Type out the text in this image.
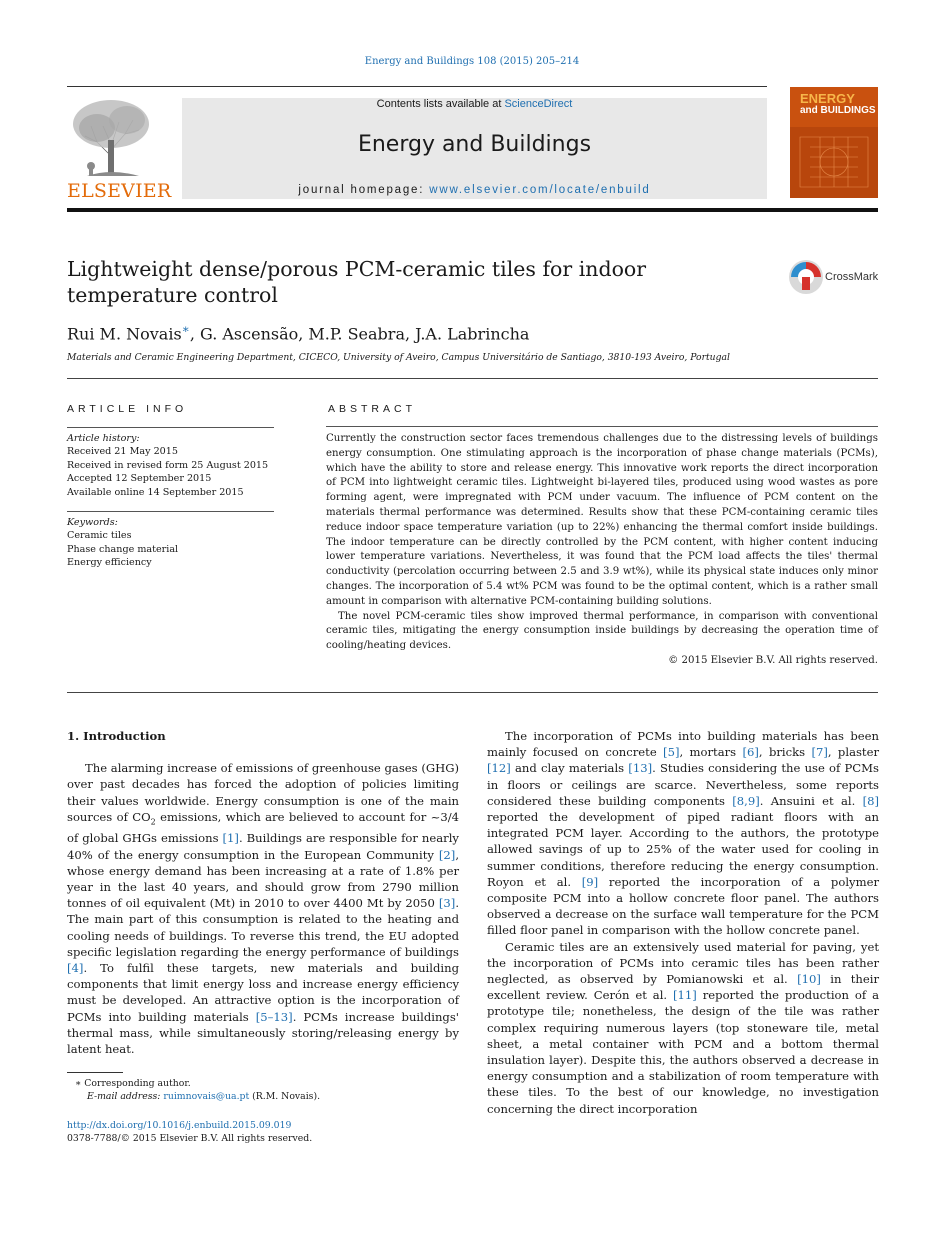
Energy and Buildings 108 (2015) 205–214
ELSEVIER
Contents lists available at ScienceDirect
Energy and Buildings
journal homepage: www.elsevier.com/locate/enbuild
ENERGY
and BUILDINGS
Lightweight dense/porous PCM-ceramic tiles for indoor temperature control
CrossMark
Rui M. Novais∗, G. Ascensão, M.P. Seabra, J.A. Labrincha
Materials and Ceramic Engineering Department, CICECO, University of Aveiro, Campus Universitário de Santiago, 3810-193 Aveiro, Portugal
ARTICLE INFO
Article history:
Received 21 May 2015
Received in revised form 25 August 2015
Accepted 12 September 2015
Available online 14 September 2015
Keywords:
Ceramic tiles
Phase change material
Energy efficiency
ABSTRACT

Currently the construction sector faces tremendous challenges due to the distressing levels of buildings energy consumption. One stimulating approach is the incorporation of phase change materials (PCMs), which have the ability to store and release energy. This innovative work reports the direct incorporation of PCM into lightweight ceramic tiles. Lightweight bi-layered tiles, produced using wood wastes as pore forming agent, were impregnated with PCM under vacuum. The influence of PCM content on the materials thermal performance was determined. Results show that these PCM-containing ceramic tiles reduce indoor space temperature variation (up to 22%) enhancing the thermal comfort inside buildings. The indoor temperature can be directly controlled by the PCM content, with higher content inducing lower temperature variations. Nevertheless, it was found that the PCM load affects the tiles' thermal conductivity (percolation occurring between 2.5 and 3.9 wt%), while its physical state induces only minor changes. The incorporation of 5.4 wt% PCM was found to be the optimal content, which is a rather small amount in comparison with alternative PCM-containing building solutions.

The novel PCM-ceramic tiles show improved thermal performance, in comparison with conventional ceramic tiles, mitigating the energy consumption inside buildings by decreasing the operation time of cooling/heating devices.

© 2015 Elsevier B.V. All rights reserved.
1. Introduction

The alarming increase of emissions of greenhouse gases (GHG) over past decades has forced the adoption of policies limiting their values worldwide. Energy consumption is one of the main sources of $CO_2$ emissions, which are believed to account for ~3/4 of global GHGs emissions [1]. Buildings are responsible for nearly 40% of the energy consumption in the European Community [2], whose energy demand has been increasing at a rate of 1.8% per year in the last 40 years, and should grow from 2790 million tonnes of oil equivalent (Mt) in 2010 to over 4400 Mt by 2050 [3]. The main part of this consumption is related to the heating and cooling needs of buildings. To reverse this trend, the EU adopted specific legislation regarding the energy performance of buildings [4]. To fulfil these targets, new materials and building components that limit energy loss and increase energy efficiency must be developed. An attractive option is the incorporation of PCMs into building materials [5–13]. PCMs increase buildings' thermal mass, while simultaneously storing/releasing energy by latent heat.

The incorporation of PCMs into building materials has been mainly focused on concrete [5], mortars [6], bricks [7], plaster [12] and clay materials [13]. Studies considering the use of PCMs in floors or ceilings are scarce. Nevertheless, some reports considered these building components [8,9]. Ansuini et al. [8] reported the development of piped radiant floors with an integrated PCM layer. According to the authors, the prototype allowed savings of up to 25% of the water used for cooling in summer conditions, therefore reducing the energy consumption. Royon et al. [9] reported the incorporation of a polymer composite PCM into a hollow concrete floor panel. The authors observed a decrease on the surface wall temperature for the PCM filled floor panel in comparison with the hollow concrete panel.

Ceramic tiles are an extensively used material for paving, yet the incorporation of PCMs into ceramic tiles has been rather neglected, as observed by Pomianowski et al. [10] in their excellent review. Cerón et al. [11] reported the production of a prototype tile; nonetheless, the design of the tile was rather complex requiring numerous layers (top stoneware tile, metal sheet, a metal container with PCM and a bottom thermal insulation layer). Despite this, the authors observed a decrease in energy consumption and a stabilization of room temperature with these tiles. To the best of our knowledge, no investigation concerning the direct incorporation

∗ Corresponding author.
E-mail address: ruimnovais@ua.pt (R.M. Novais).
http://dx.doi.org/10.1016/j.enbuild.2015.09.019
0378-7788/© 2015 Elsevier B.V. All rights reserved.
